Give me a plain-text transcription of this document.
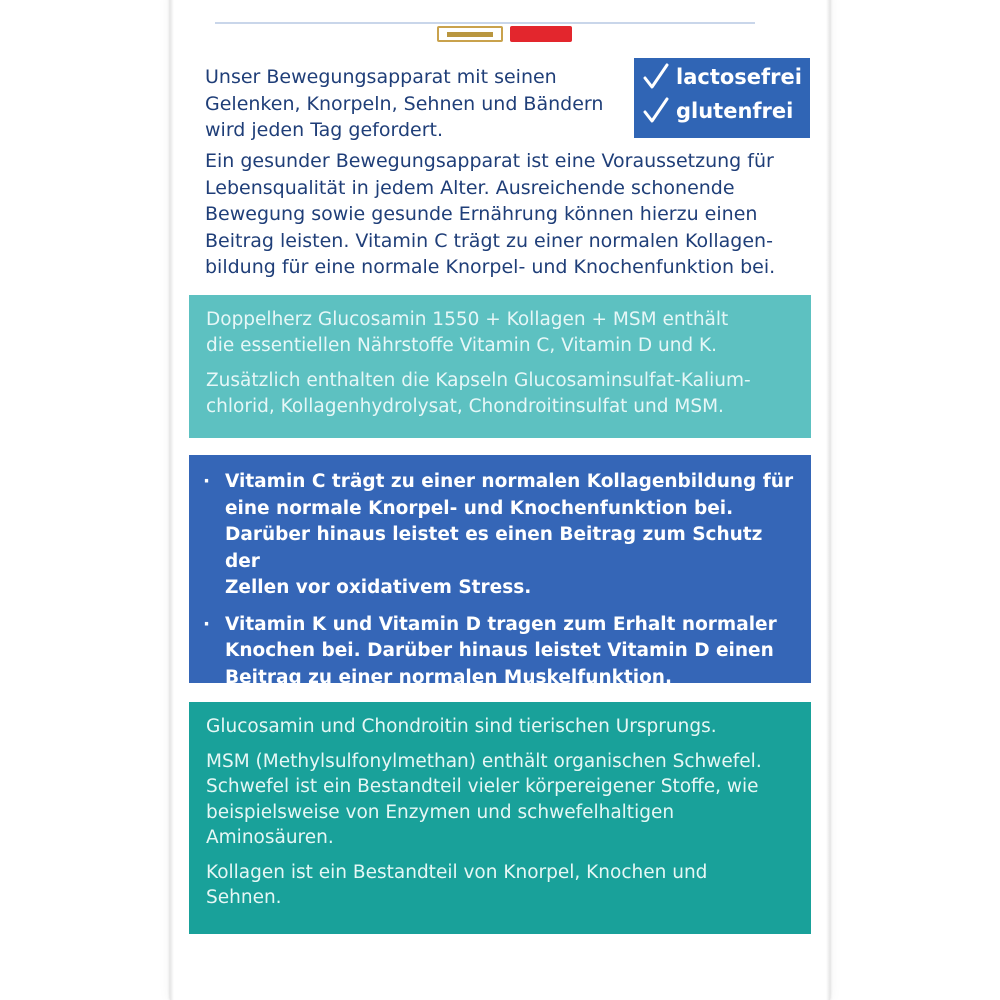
Unser Bewegungsapparat mit seinen
Gelenken, Knorpeln, Sehnen und Bändern
wird jeden Tag gefordert.
lactosefrei
glutenfrei
Ein gesunder Bewegungsapparat ist eine Voraussetzung für
Lebensqualität in jedem Alter. Ausreichende schonende
Bewegung sowie gesunde Ernährung können hierzu einen
Beitrag leisten. Vitamin C trägt zu einer normalen Kollagen-
bildung für eine normale Knorpel- und Knochenfunktion bei.

Doppelherz Glucosamin 1550 + Kollagen + MSM enthält
die essentiellen Nährstoffe Vitamin C, Vitamin D und K.

Zusätzlich enthalten die Kapseln Glucosaminsulfat-Kalium-
chlorid, Kollagenhydrolysat, Chondroitinsulfat und MSM.

· Vitamin C trägt zu einer normalen Kollagenbildung für
eine normale Knorpel- und Knochenfunktion bei.
Darüber hinaus leistet es einen Beitrag zum Schutz der
Zellen vor oxidativem Stress.
· Vitamin K und Vitamin D tragen zum Erhalt normaler
Knochen bei. Darüber hinaus leistet Vitamin D einen
Beitrag zu einer normalen Muskelfunktion.

Glucosamin und Chondroitin sind tierischen Ursprungs.

MSM (Methylsulfonylmethan) enthält organischen Schwefel.
Schwefel ist ein Bestandteil vieler körpereigener Stoffe, wie
beispielsweise von Enzymen und schwefelhaltigen
Aminosäuren.

Kollagen ist ein Bestandteil von Knorpel, Knochen und
Sehnen.
